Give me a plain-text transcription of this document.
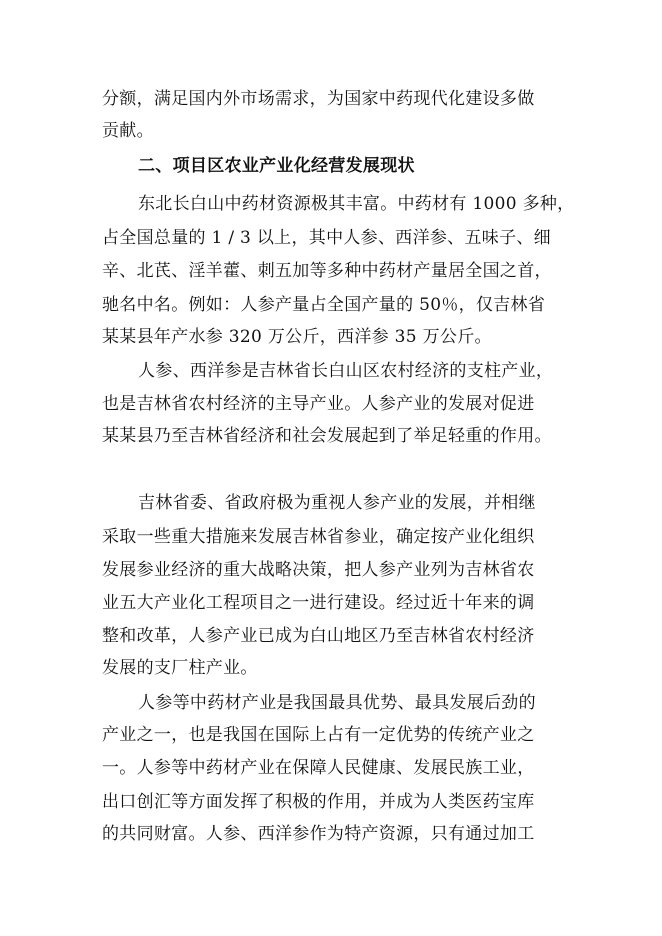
分额，满足国内外市场需求，为国家中药现代化建设多做
贡献。
二、项目区农业产业化经营发展现状
东北长白山中药材资源极其丰富。中药材有 1000 多种，
占全国总量的 1 / 3 以上，其中人参、西洋参、五味子、细
辛、北芪、淫羊藿、刺五加等多种中药材产量居全国之首，
驰名中名。例如：人参产量占全国产量的 50％，仅吉林省
某某县年产水参 320 万公斤，西洋参 35 万公斤。
人参、西洋参是吉林省长白山区农村经济的支柱产业，
也是吉林省农村经济的主导产业。人参产业的发展对促进
某某县乃至吉林省经济和社会发展起到了举足轻重的作用。
吉林省委、省政府极为重视人参产业的发展，并相继
采取一些重大措施来发展吉林省参业，确定按产业化组织
发展参业经济的重大战略决策，把人参产业列为吉林省农
业五大产业化工程项目之一进行建设。经过近十年来的调
整和改革，人参产业已成为白山地区乃至吉林省农村经济
发展的支厂柱产业。
人参等中药材产业是我国最具优势、最具发展后劲的
产业之一，也是我国在国际上占有一定优势的传统产业之
一。人参等中药材产业在保障人民健康、发展民族工业，
出口创汇等方面发挥了积极的作用，并成为人类医药宝库
的共同财富。人参、西洋参作为特产资源，只有通过加工
